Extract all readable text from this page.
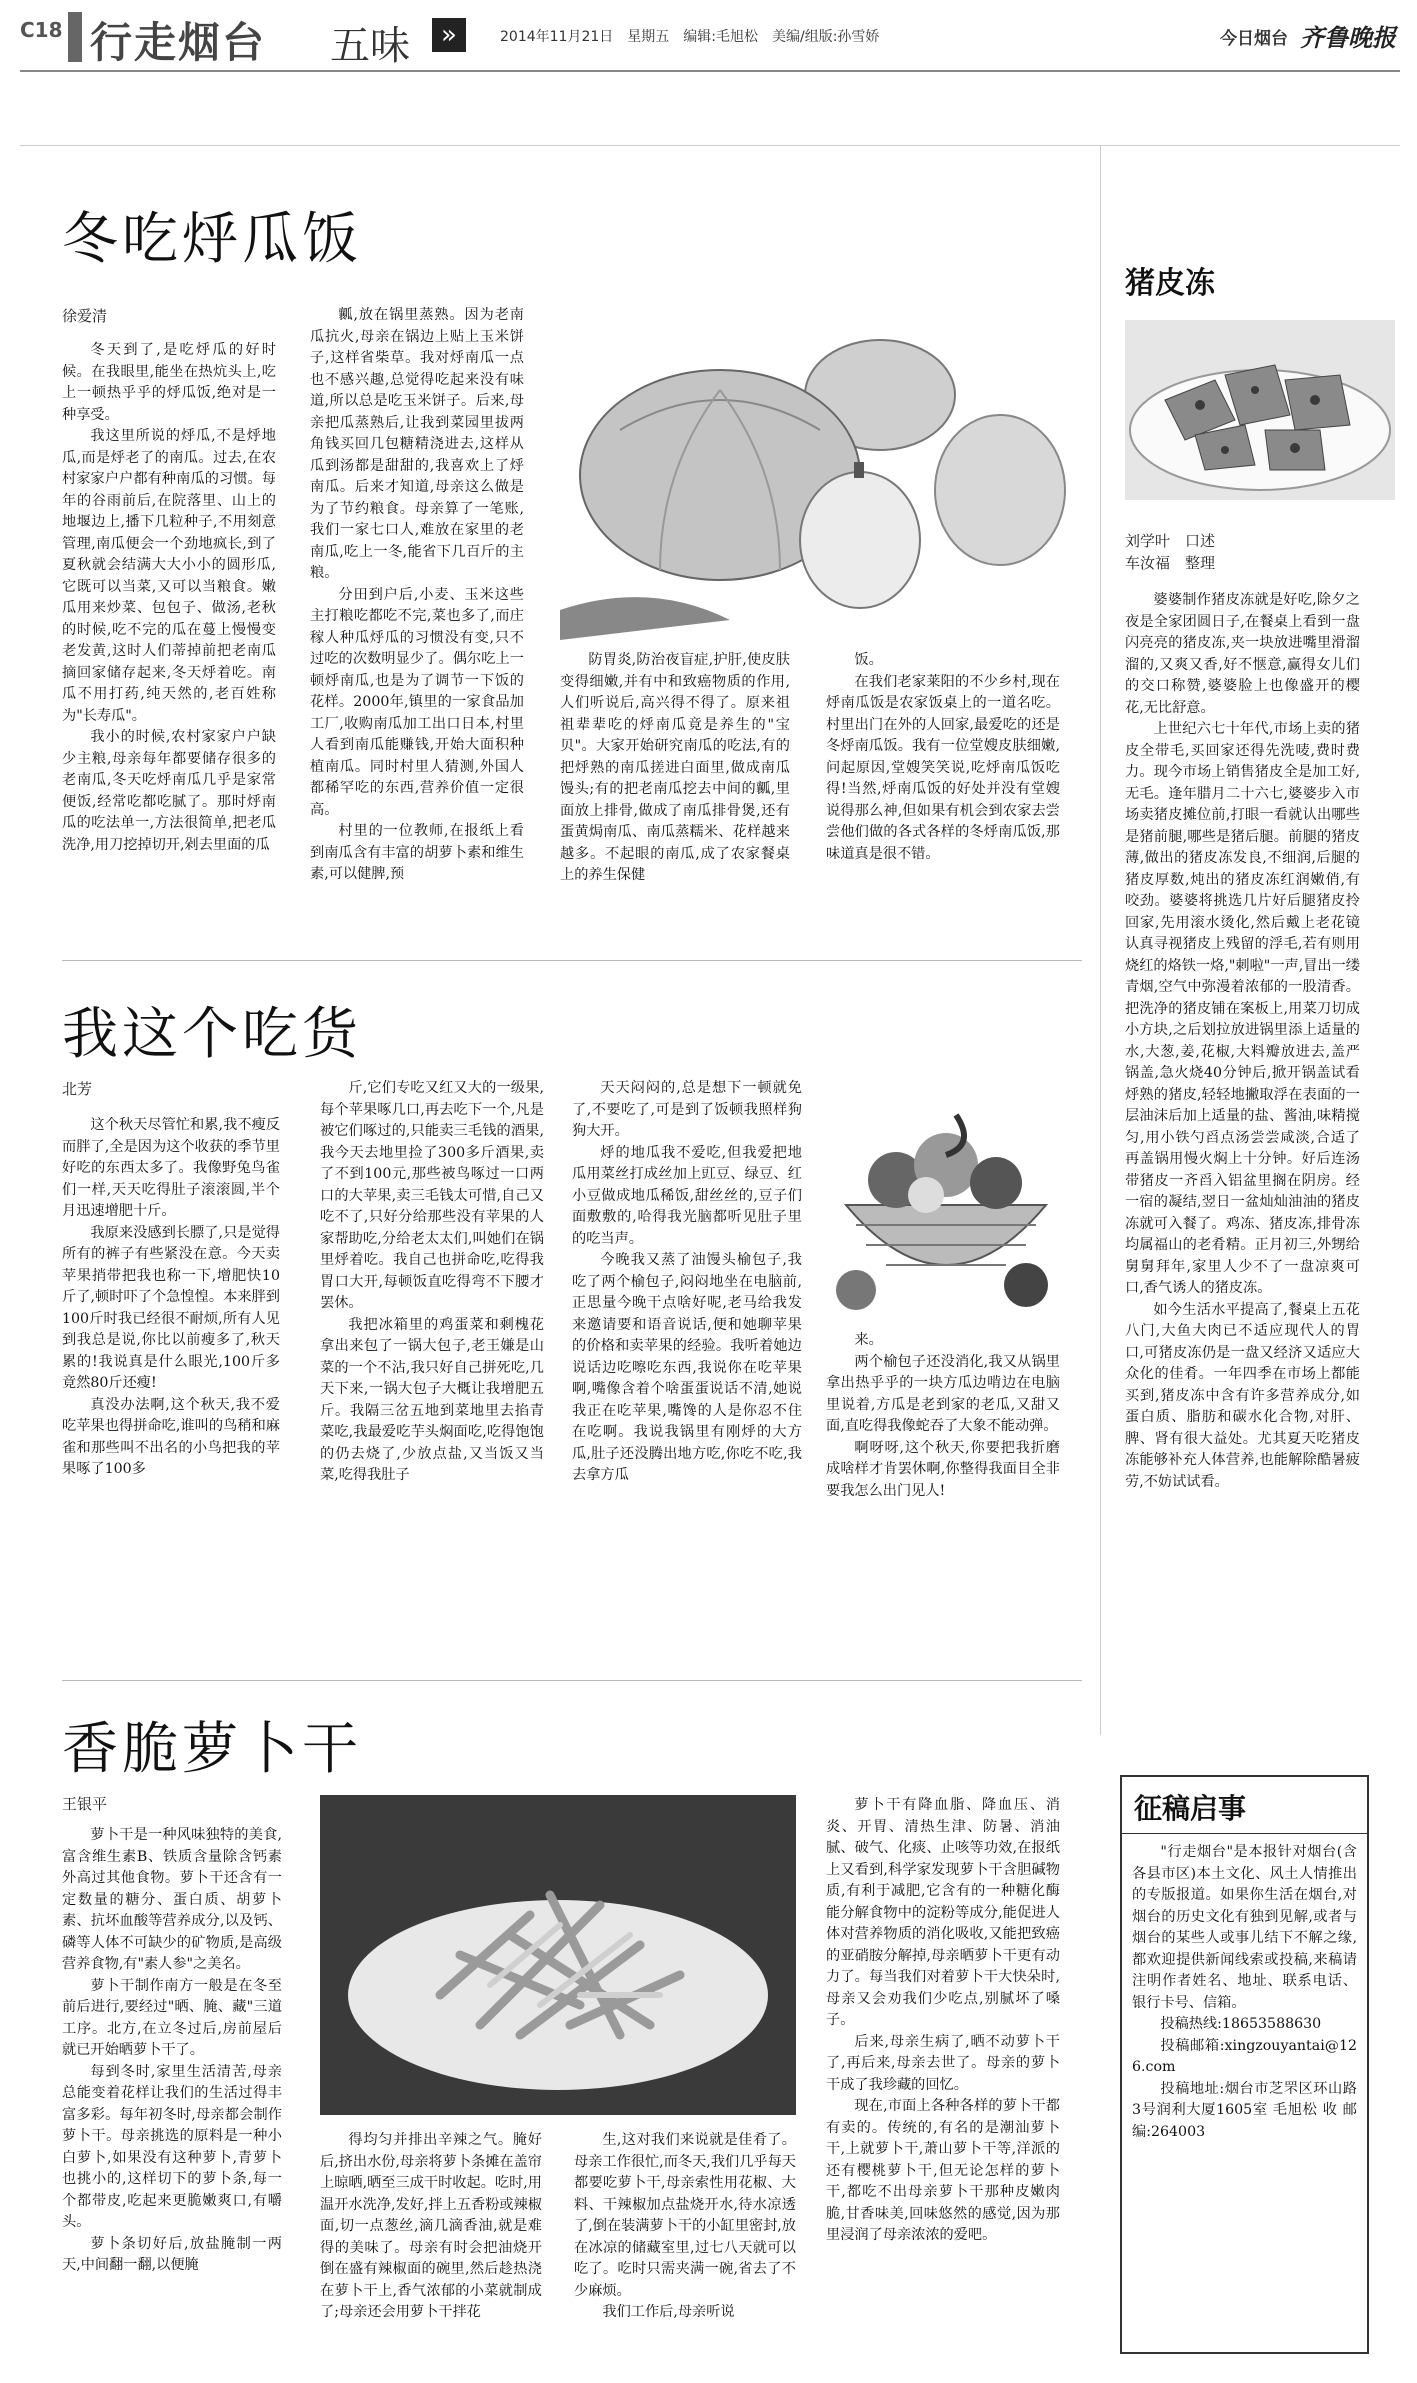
C18 行走烟台 五味	»	2014年11月21日　星期五　编辑:毛旭松　美编/组版:孙雪娇	今日烟台 齐鲁晚报
冬吃烀瓜饭
徐爱清

冬天到了,是吃烀瓜的好时候。在我眼里,能坐在热炕头上,吃上一顿热乎乎的烀瓜饭,绝对是一种享受。

我这里所说的烀瓜,不是烀地瓜,而是烀老了的南瓜。过去,在农村家家户户都有种南瓜的习惯。每年的谷雨前后,在院落里、山上的地堰边上,播下几粒种子,不用刻意管理,南瓜便会一个劲地疯长,到了夏秋就会结满大大小小的圆形瓜,它既可以当菜,又可以当粮食。嫩瓜用来炒菜、包包子、做汤,老秋的时候,吃不完的瓜在蔓上慢慢变老发黄,这时人们蒂掉前把老南瓜摘回家储存起来,冬天烀着吃。南瓜不用打药,纯天然的,老百姓称为"长寿瓜"。

我小的时候,农村家家户户缺少主粮,母亲每年都要储存很多的老南瓜,冬天吃烀南瓜几乎是家常便饭,经常吃都吃腻了。那时烀南瓜的吃法单一,方法很简单,把老瓜洗净,用刀挖掉切开,剁去里面的瓜

瓤,放在锅里蒸熟。因为老南瓜抗火,母亲在锅边上贴上玉米饼子,这样省柴草。我对烀南瓜一点也不感兴趣,总觉得吃起来没有味道,所以总是吃玉米饼子。后来,母亲把瓜蒸熟后,让我到菜园里拔两角钱买回几包糖精浇进去,这样从瓜到汤都是甜甜的,我喜欢上了烀南瓜。后来才知道,母亲这么做是为了节约粮食。母亲算了一笔账,我们一家七口人,难放在家里的老南瓜,吃上一冬,能省下几百斤的主粮。

分田到户后,小麦、玉米这些主打粮吃都吃不完,菜也多了,而庄稼人种瓜烀瓜的习惯没有变,只不过吃的次数明显少了。偶尔吃上一顿烀南瓜,也是为了调节一下饭的花样。2000年,镇里的一家食品加工厂,收购南瓜加工出口日本,村里人看到南瓜能赚钱,开始大面积种植南瓜。同时村里人猜测,外国人都稀罕吃的东西,营养价值一定很高。

村里的一位教师,在报纸上看到南瓜含有丰富的胡萝卜素和维生素,可以健脾,预

防胃炎,防治夜盲症,护肝,使皮肤变得细嫩,并有中和致癌物质的作用,人们听说后,高兴得不得了。原来祖祖辈辈吃的烀南瓜竟是养生的"宝贝"。大家开始研究南瓜的吃法,有的把烀熟的南瓜搓进白面里,做成南瓜馒头;有的把老南瓜挖去中间的瓤,里面放上排骨,做成了南瓜排骨煲,还有蛋黄焗南瓜、南瓜蒸糯米、花样越来越多。不起眼的南瓜,成了农家餐桌上的养生保健

饭。

在我们老家莱阳的不少乡村,现在烀南瓜饭是农家饭桌上的一道名吃。村里出门在外的人回家,最爱吃的还是冬烀南瓜饭。我有一位堂嫂皮肤细嫩,问起原因,堂嫂笑笑说,吃烀南瓜饭吃得!当然,烀南瓜饭的好处并没有堂嫂说得那么神,但如果有机会到农家去尝尝他们做的各式各样的冬烀南瓜饭,那味道真是很不错。

我这个吃货
北芳

这个秋天尽管忙和累,我不瘦反而胖了,全是因为这个收获的季节里好吃的东西太多了。我像野兔鸟雀们一样,天天吃得肚子滚滚圆,半个月迅速增肥十斤。

我原来没感到长膘了,只是觉得所有的裤子有些紧没在意。今天卖苹果捎带把我也称一下,增肥快10斤了,顿时吓了个急惶惶。本来胖到100斤时我已经很不耐烦,所有人见到我总是说,你比以前瘦多了,秋天累的!我说真是什么眼光,100斤多竟然80斤还瘦!

真没办法啊,这个秋天,我不爱吃苹果也得拼命吃,谁叫的鸟稍和麻雀和那些叫不出名的小鸟把我的苹果啄了100多

斤,它们专吃又红又大的一级果,每个苹果啄几口,再去吃下一个,凡是被它们啄过的,只能卖三毛钱的酒果,我今天去地里捡了300多斤酒果,卖了不到100元,那些被鸟啄过一口两口的大苹果,卖三毛钱太可惜,自己又吃不了,只好分给那些没有苹果的人家帮助吃,分给老太太们,叫她们在锅里烀着吃。我自己也拼命吃,吃得我胃口大开,每顿饭直吃得弯不下腰才罢休。

我把冰箱里的鸡蛋菜和剩槐花拿出来包了一锅大包子,老王嫌是山菜的一个不沾,我只好自己拼死吃,几天下来,一锅大包子大概让我增肥五斤。我隔三岔五地到菜地里去掐青菜吃,我最爱吃芋头焖面吃,吃得饱饱的仍去烧了,少放点盐,又当饭又当菜,吃得我肚子

天天闷闷的,总是想下一顿就免了,不要吃了,可是到了饭顿我照样狗狗大开。

烀的地瓜我不爱吃,但我爱把地瓜用菜丝打成丝加上豇豆、绿豆、红小豆做成地瓜稀饭,甜丝丝的,豆子们面敷敷的,哈得我光脑都听见肚子里的吃当声。

今晚我又蒸了油馒头榆包子,我吃了两个榆包子,闷闷地坐在电脑前,正思量今晚干点啥好呢,老马给我发来邀请要和语音说话,便和她聊苹果的价格和卖苹果的经验。我听着她边说话边吃嚓吃东西,我说你在吃苹果啊,嘴像含着个啥蛋蛋说话不清,她说我正在吃苹果,嘴馋的人是你忍不住在吃啊。我说我锅里有刚烀的大方瓜,肚子还没腾出地方吃,你吃不吃,我去拿方瓜

来。

两个榆包子还没消化,我又从锅里拿出热乎乎的一块方瓜边啃边在电脑里说着,方瓜是老到家的老瓜,又甜又面,直吃得我像蛇吞了大象不能动弹。

啊呀呀,这个秋天,你要把我折磨成啥样才肯罢休啊,你整得我面目全非要我怎么出门见人!

香脆萝卜干
王银平

萝卜干是一种风味独特的美食,富含维生素B、铁质含量除含钙素外高过其他食物。萝卜干还含有一定数量的糖分、蛋白质、胡萝卜素、抗坏血酸等营养成分,以及钙、磷等人体不可缺少的矿物质,是高级营养食物,有"素人参"之美名。

萝卜干制作南方一般是在冬至前后进行,要经过"晒、腌、藏"三道工序。北方,在立冬过后,房前屋后就已开始晒萝卜干了。

每到冬时,家里生活清苦,母亲总能变着花样让我们的生活过得丰富多彩。每年初冬时,母亲都会制作萝卜干。母亲挑选的原料是一种小白萝卜,如果没有这种萝卜,青萝卜也挑小的,这样切下的萝卜条,每一个都带皮,吃起来更脆嫩爽口,有嚼头。

萝卜条切好后,放盐腌制一两天,中间翻一翻,以便腌

得均匀并排出辛辣之气。腌好后,挤出水份,母亲将萝卜条摊在盖帘上晾晒,晒至三成干时收起。吃时,用温开水洗净,发好,拌上五香粉或辣椒面,切一点葱丝,滴几滴香油,就是难得的美味了。母亲有时会把油烧开倒在盛有辣椒面的碗里,然后趁热浇在萝卜干上,香气浓郁的小菜就制成了;母亲还会用萝卜干拌花

生,这对我们来说就是佳肴了。母亲工作很忙,而冬天,我们几乎每天都要吃萝卜干,母亲索性用花椒、大料、干辣椒加点盐烧开水,待水凉透了,倒在装满萝卜干的小缸里密封,放在冰凉的储藏室里,过七八天就可以吃了。吃时只需夹满一碗,省去了不少麻烦。

我们工作后,母亲听说

萝卜干有降血脂、降血压、消炎、开胃、清热生津、防暑、消油腻、破气、化痰、止咳等功效,在报纸上又看到,科学家发现萝卜干含胆碱物质,有利于减肥,它含有的一种糖化酶能分解食物中的淀粉等成分,能促进人体对营养物质的消化吸收,又能把致癌的亚硝胺分解掉,母亲晒萝卜干更有动力了。每当我们对着萝卜干大快朵时,母亲又会劝我们少吃点,别腻坏了嗓子。

后来,母亲生病了,晒不动萝卜干了,再后来,母亲去世了。母亲的萝卜干成了我珍藏的回忆。

现在,市面上各种各样的萝卜干都有卖的。传统的,有名的是潮汕萝卜干,上就萝卜干,萧山萝卜干等,洋派的还有樱桃萝卜干,但无论怎样的萝卜干,都吃不出母亲萝卜干那种皮嫩肉脆,甘香味美,回味悠然的感觉,因为那里浸润了母亲浓浓的爱吧。

猪皮冻
刘学叶　口述
车汝福　整理

婆婆制作猪皮冻就是好吃,除夕之夜是全家团圆日子,在餐桌上看到一盘闪亮亮的猪皮冻,夹一块放进嘴里滑溜溜的,又爽又香,好不惬意,赢得女儿们的交口称赞,婆婆脸上也像盛开的樱花,无比舒意。

上世纪六七十年代,市场上卖的猪皮全带毛,买回家还得先洗唛,费时费力。现今市场上销售猪皮全是加工好,无毛。逢年腊月二十六七,婆婆步入市场卖猪皮摊位前,打眼一看就认出哪些是猪前腿,哪些是猪后腿。前腿的猪皮薄,做出的猪皮冻发良,不细润,后腿的猪皮厚数,炖出的猪皮冻红润嫩俏,有咬劲。婆婆将挑选几片好后腿猪皮拎回家,先用滚水烫化,然后戴上老花镜认真寻视猪皮上残留的浮毛,若有则用烧红的烙铁一烙,"刺啦"一声,冒出一缕青烟,空气中弥漫着浓郁的一股清香。把洗净的猪皮铺在案板上,用菜刀切成小方块,之后划拉放进锅里添上适量的水,大葱,姜,花椒,大料瓣放进去,盖严锅盖,急火烧40分钟后,掀开锅盖试看烀熟的猪皮,轻轻地撇取浮在表面的一层油沫后加上适量的盐、酱油,味精搅匀,用小铁勺舀点汤尝尝咸淡,合适了再盖锅用慢火焖上十分钟。好后连汤带猪皮一齐舀入铝盆里搁在阴房。经一宿的凝结,翌日一盆灿灿油油的猪皮冻就可入餐了。鸡冻、猪皮冻,排骨冻均属福山的老肴精。正月初三,外甥给舅舅拜年,家里人少不了一盘凉爽可口,香气诱人的猪皮冻。

如今生活水平提高了,餐桌上五花八门,大鱼大肉已不适应现代人的胃口,可猪皮冻仍是一盘又经济又适应大众化的佳肴。一年四季在市场上都能买到,猪皮冻中含有许多营养成分,如蛋白质、脂肪和碳水化合物,对肝、脾、肾有很大益处。尤其夏天吃猪皮冻能够补充人体营养,也能解除酷暑疲劳,不妨试试看。

征稿启事

"行走烟台"是本报针对烟台(含各县市区)本土文化、风土人情推出的专版报道。如果你生活在烟台,对烟台的历史文化有独到见解,或者与烟台的某些人或事儿结下不解之缘,都欢迎提供新闻线索或投稿,来稿请注明作者姓名、地址、联系电话、银行卡号、信箱。

投稿热线:18653588630

投稿邮箱:xingzouyantai@126.com

投稿地址:烟台市芝罘区环山路3号润利大厦1605室 毛旭松 收 邮编:264003
